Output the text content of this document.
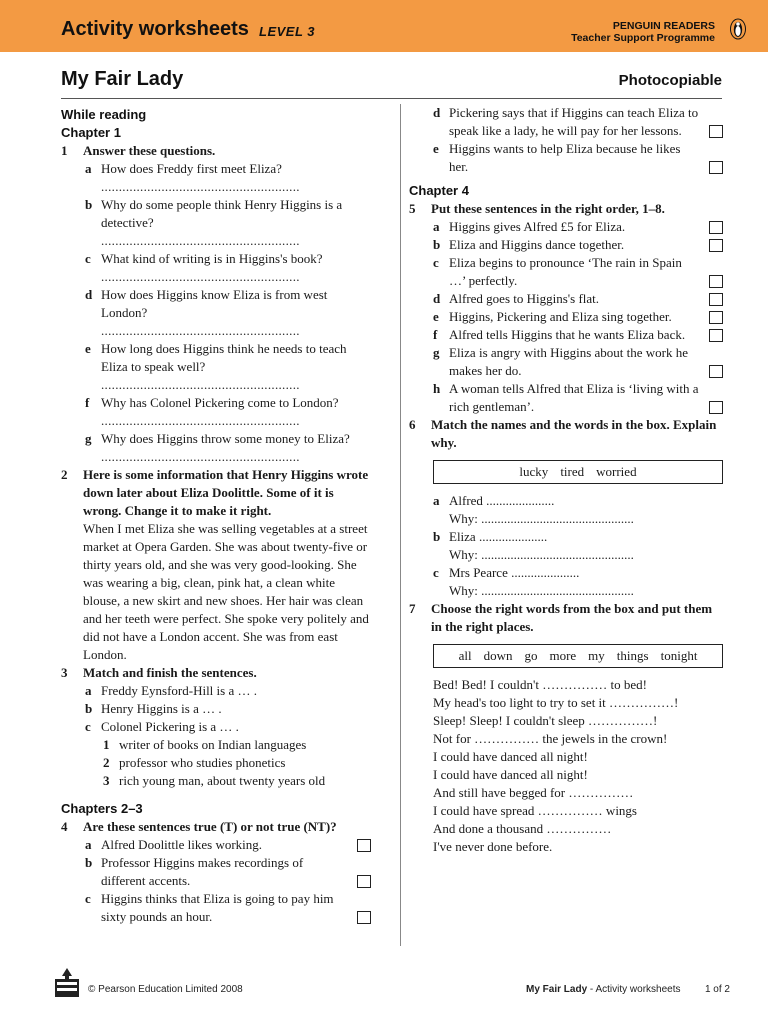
Activity worksheets LEVEL 3	PENGUIN READERS
Teacher Support Programme
My Fair Lady	Photocopiable
While reading
Chapter 1
1 Answer these questions.
a How does Freddy first meet Eliza?
........................................................
b Why do some people think Henry Higgins is a detective?
........................................................
c What kind of writing is in Higgins's book?
........................................................
d How does Higgins know Eliza is from west London?
........................................................
e How long does Higgins think he needs to teach Eliza to speak well?
........................................................
f Why has Colonel Pickering come to London?
........................................................
g Why does Higgins throw some money to Eliza?
........................................................
2 Here is some information that Henry Higgins wrote down later about Eliza Doolittle. Some of it is wrong. Change it to make it right.
When I met Eliza she was selling vegetables at a street market at Opera Garden. She was about twenty-five or thirty years old, and she was very good-looking. She was wearing a big, clean, pink hat, a clean white blouse, a new skirt and new shoes. Her hair was clean and her teeth were perfect. She spoke very politely and did not have a London accent. She was from east London.
3 Match and finish the sentences.
a Freddy Eynsford-Hill is a … .
b Henry Higgins is a … .
c Colonel Pickering is a … .
1 writer of books on Indian languages
2 professor who studies phonetics
3 rich young man, about twenty years old
Chapters 2–3
4 Are these sentences true (T) or not true (NT)?
a Alfred Doolittle likes working.
b Professor Higgins makes recordings of different accents.
c Higgins thinks that Eliza is going to pay him sixty pounds an hour.
d Pickering says that if Higgins can teach Eliza to speak like a lady, he will pay for her lessons.
e Higgins wants to help Eliza because he likes her.
Chapter 4
5 Put these sentences in the right order, 1–8.
a Higgins gives Alfred £5 for Eliza.
b Eliza and Higgins dance together.
c Eliza begins to pronounce ‘The rain in Spain …’ perfectly.
d Alfred goes to Higgins's flat.
e Higgins, Pickering and Eliza sing together.
f Alfred tells Higgins that he wants Eliza back.
g Eliza is angry with Higgins about the work he makes her do.
h A woman tells Alfred that Eliza is ‘living with a rich gentleman’.
6 Match the names and the words in the box. Explain why.
lucky tired worried
a Alfred .....................
Why: ...............................................
b Eliza .....................
Why: ...............................................
c Mrs Pearce .....................
Why: ...............................................
7 Choose the right words from the box and put them in the right places.
all down go more my things tonight
Bed! Bed! I couldn't …………… to bed!
My head's too light to try to set it ……………!
Sleep! Sleep! I couldn't sleep ……………!
Not for …………… the jewels in the crown!
I could have danced all night!
I could have danced all night!
And still have begged for ……………
I could have spread …………… wings
And done a thousand ……………
I've never done before.
© Pearson Education Limited 2008	My Fair Lady - Activity worksheets 1 of 2
